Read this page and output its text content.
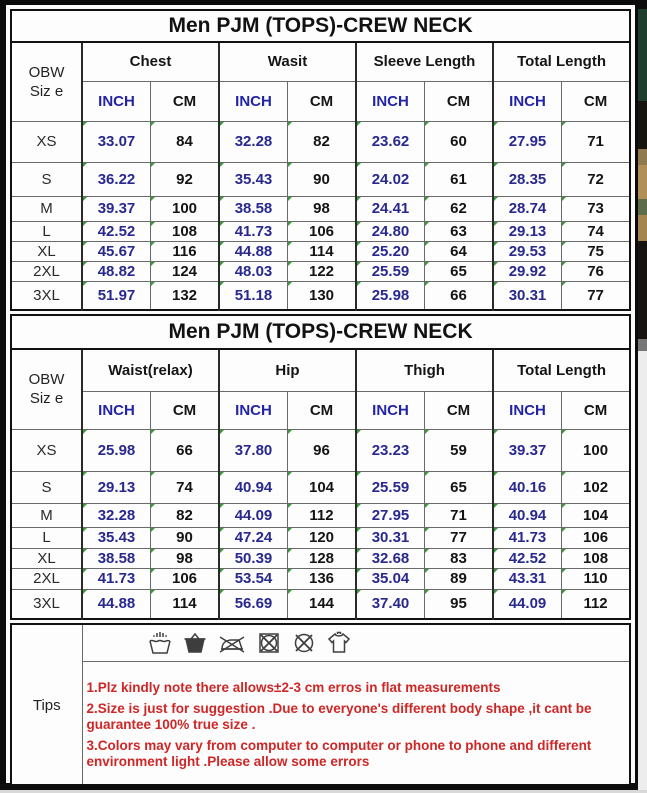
Men PJM (TOPS)-CREW NECK								
OBW
Siz e	Chest		Wasit		Sleeve Length		Total Length	
	INCH	CM	INCH	CM	INCH	CM	INCH	CM
XS	33.07	84	32.28	82	23.62	60	27.95	71
S	36.22	92	35.43	90	24.02	61	28.35	72
M	39.37	100	38.58	98	24.41	62	28.74	73
L	42.52	108	41.73	106	24.80	63	29.13	74
XL	45.67	116	44.88	114	25.20	64	29.53	75
2XL	48.82	124	48.03	122	25.59	65	29.92	76
3XL	51.97	132	51.18	130	25.98	66	30.31	77
Men PJM (TOPS)-CREW NECK								
OBW
Siz e	Waist(relax)		Hip		Thigh		Total Length	
	INCH	CM	INCH	CM	INCH	CM	INCH	CM
XS	25.98	66	37.80	96	23.23	59	39.37	100
S	29.13	74	40.94	104	25.59	65	40.16	102
M	32.28	82	44.09	112	27.95	71	40.94	104
L	35.43	90	47.24	120	30.31	77	41.73	106
XL	38.58	98	50.39	128	32.68	83	42.52	108
2XL	41.73	106	53.54	136	35.04	89	43.31	110
3XL	44.88	114	56.69	144	37.40	95	44.09	112
Tips	

1.Plz kindly note there allows±2-3 cm erros in flat measurements

2.Size is just for suggestion .Due to everyone's different body shape ,it cant be guarantee 100% true size .

3.Colors may vary from computer to computer or phone to phone and different environment light .Please allow some errors
